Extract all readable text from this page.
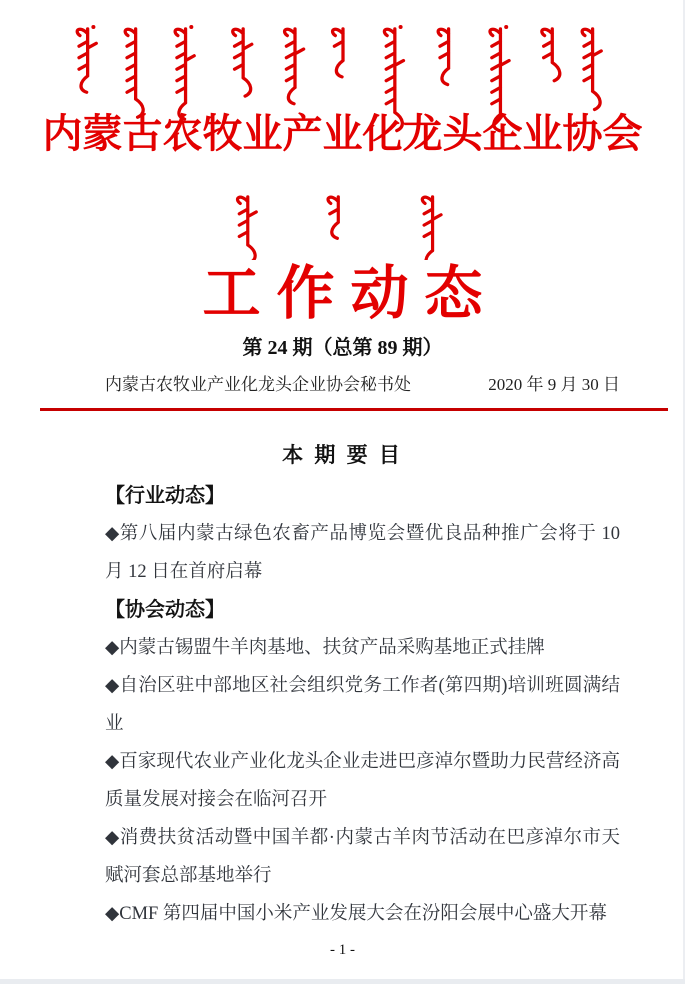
内蒙古农牧业产业化龙头企业协会
工作动态
第 24 期（总第 89 期）
内蒙古农牧业产业化龙头企业协会秘书处	2020 年 9 月 30 日
本 期 要 目
【行业动态】
◆第八届内蒙古绿色农畜产品博览会暨优良品种推广会将于 10 月 12 日在首府启幕
【协会动态】
◆内蒙古锡盟牛羊肉基地、扶贫产品采购基地正式挂牌
◆自治区驻中部地区社会组织党务工作者(第四期)培训班圆满结业
◆百家现代农业产业化龙头企业走进巴彦淖尔暨助力民营经济高质量发展对接会在临河召开
◆消费扶贫活动暨中国羊都·内蒙古羊肉节活动在巴彦淖尔市天赋河套总部基地举行
◆CMF 第四届中国小米产业发展大会在汾阳会展中心盛大开幕
- 1 -
